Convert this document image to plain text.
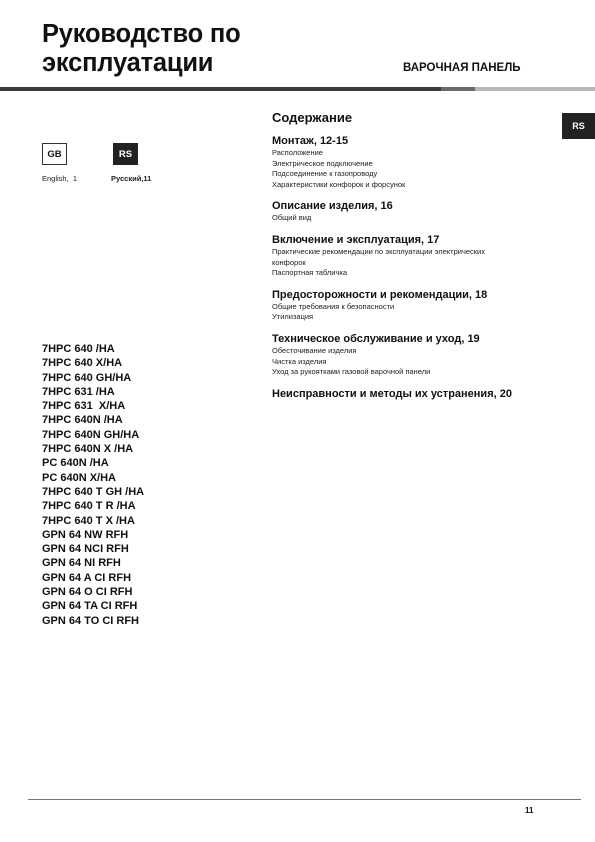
Руководство по
эксплуатации	ВАРОЧНАЯ ПАНЕЛЬ
RS
GB	RS
English,  1	Русский,11
7HPC 640 /HA
7HPC 640 X/HA
7HPC 640 GH/HA
7HPC 631 /HA
7HPC 631  X/HA
7HPC 640N /HA
7HPC 640N GH/HA
7HPC 640N X /HA
PC 640N /HA
PC 640N X/HA
7HPC 640 T GH /HA
7HPC 640 T R /HA
7HPC 640 T X /HA
GPN 64 NW RFH
GPN 64 NCI RFH
GPN 64 NI RFH
GPN 64 A CI RFH
GPN 64 O CI RFH
GPN 64 TA CI RFH
GPN 64 TO CI RFH
Содержание
Монтаж, 12-15
Расположение
Электрическое подключение
Подсоединение к газопроводу
Характеристики конфорок и форсунок
Описание изделия, 16
Общий вид
Включение и эксплуатация, 17
Практические рекомендации по эксплуатации электрических
конфорок
Паспортная табличка
Предосторожности и рекомендации, 18
Общие требования к безопасности
Утилизация
Техническое обслуживание и уход, 19
Обесточивание изделия
Чистка изделия
Уход за рукоятками газовой варочной панели
Неисправности и методы их устранения, 20
11
